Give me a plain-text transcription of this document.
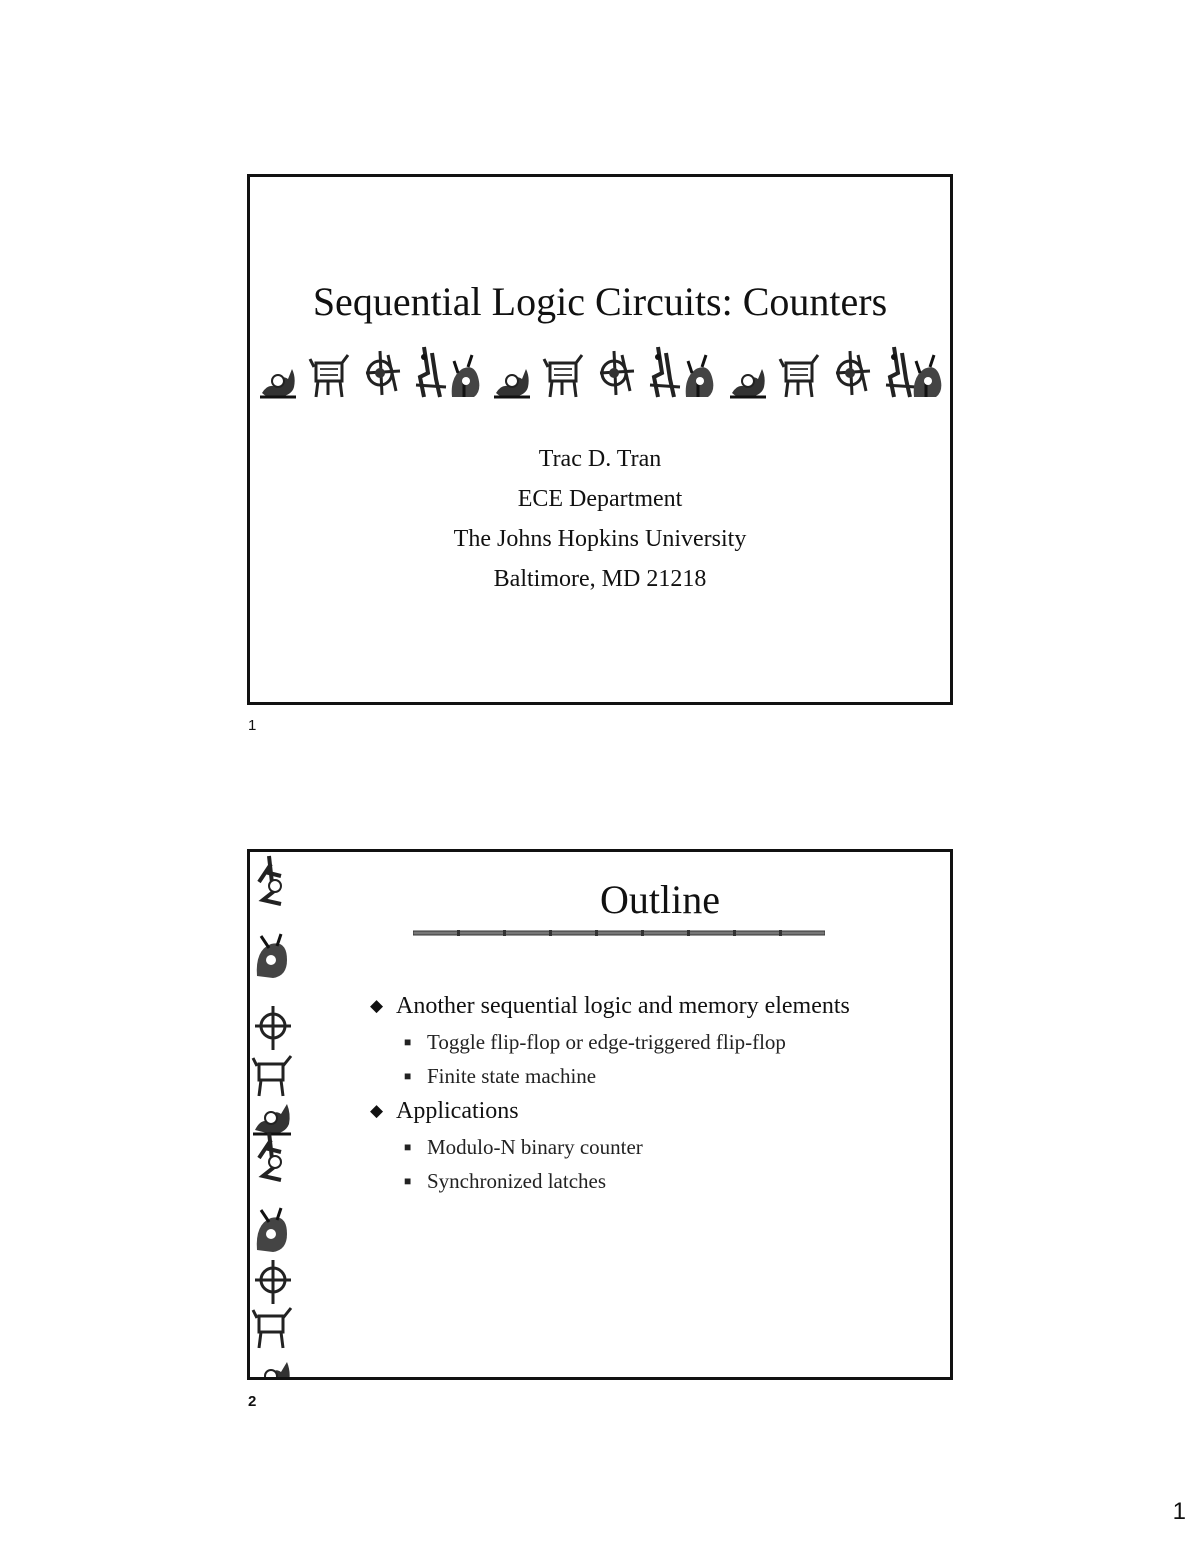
Sequential Logic Circuits: Counters
Trac D. Tran
ECE Department
The Johns Hopkins University
Baltimore, MD 21218
1
Outline
◆ Another sequential logic and memory elements
■ Toggle flip-flop or edge-triggered flip-flop
■ Finite state machine
◆ Applications
■ Modulo-N binary counter
■ Synchronized latches
2
1
